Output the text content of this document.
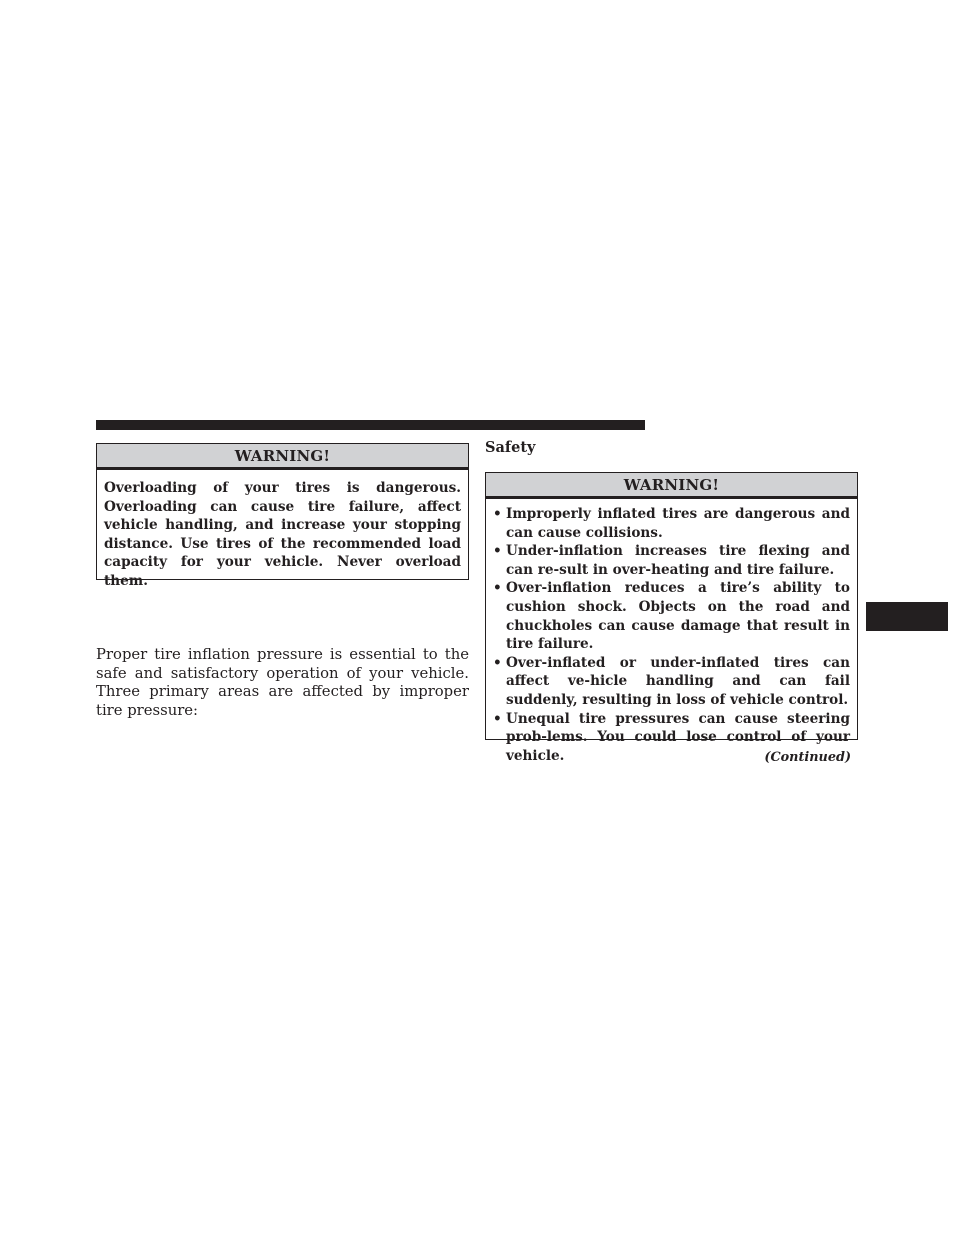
WARNING!
Overloading of your tires is dangerous. Overloading can cause tire failure, affect vehicle handling, and increase your stopping distance. Use tires of the recommended load capacity for your vehicle. Never overload them.
Proper tire inflation pressure is essential to the safe and satisfactory operation of your vehicle. Three primary areas are affected by improper tire pressure:
Safety
WARNING!
• Improperly inflated tires are dangerous and can cause collisions.
• Under-inflation increases tire flexing and can re-sult in over-heating and tire failure.
• Over-inflation reduces a tire’s ability to cushion shock. Objects on the road and chuckholes can cause damage that result in tire failure.
• Over-inflated or under-inflated tires can affect ve-hicle handling and can fail suddenly, resulting in loss of vehicle control.
• Unequal tire pressures can cause steering prob-lems. You could lose control of your vehicle.	(Continued)
